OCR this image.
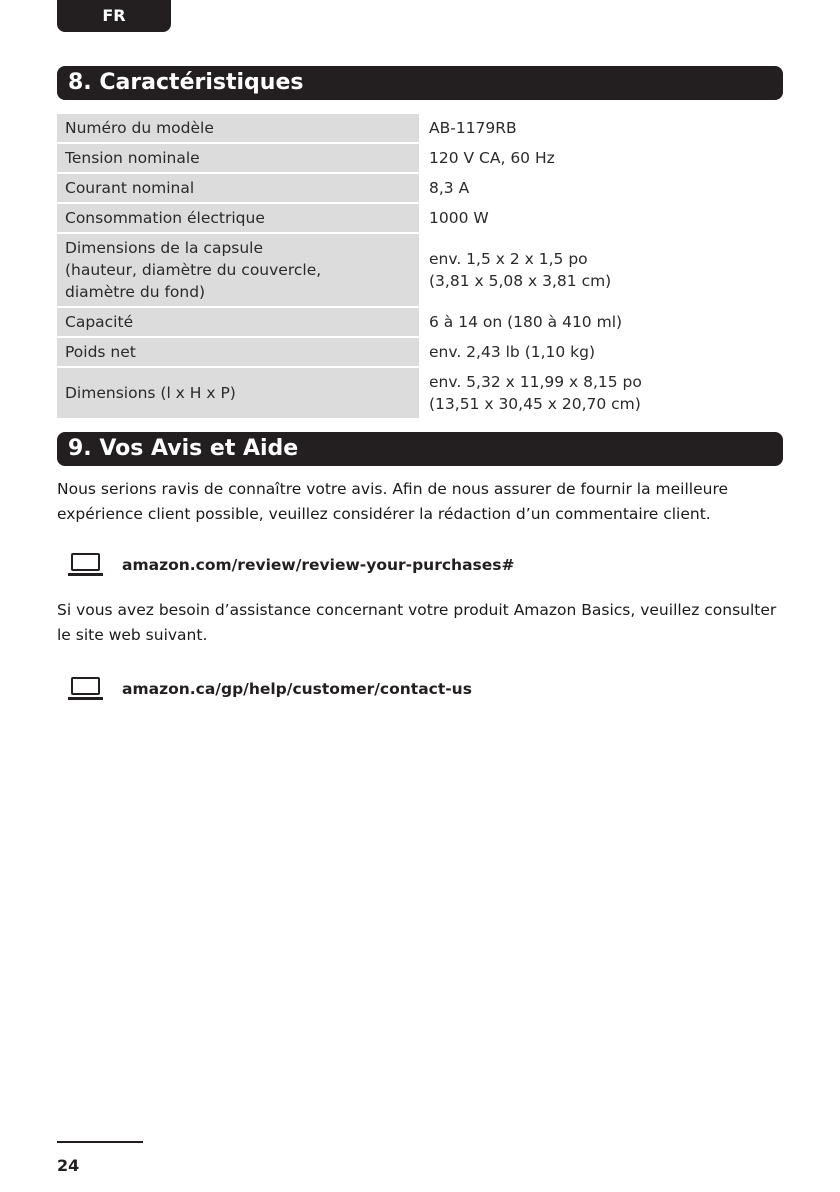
FR
8. Caractéristiques
Numéro du modèle	AB-1179RB
Tension nominale	120 V CA, 60 Hz
Courant nominal	8,3 A
Consommation électrique	1000 W
Dimensions de la capsule
(hauteur, diamètre du couvercle,
diamètre du fond)	env. 1,5 x 2 x 1,5 po
(3,81 x 5,08 x 3,81 cm)
Capacité	6 à 14 on (180 à 410 ml)
Poids net	env. 2,43 lb (1,10 kg)
Dimensions (l x H x P)	env. 5,32 x 11,99 x 8,15 po
(13,51 x 30,45 x 20,70 cm)
9. Vos Avis et Aide

Nous serions ravis de connaître votre avis. Afin de nous assurer de fournir la meilleure expérience client possible, veuillez considérer la rédaction d’un commentaire client.

amazon.com/review/review-your-purchases#

Si vous avez besoin d’assistance concernant votre produit Amazon Basics, veuillez consulter le site web suivant.

amazon.ca/gp/help/customer/contact-us
24
